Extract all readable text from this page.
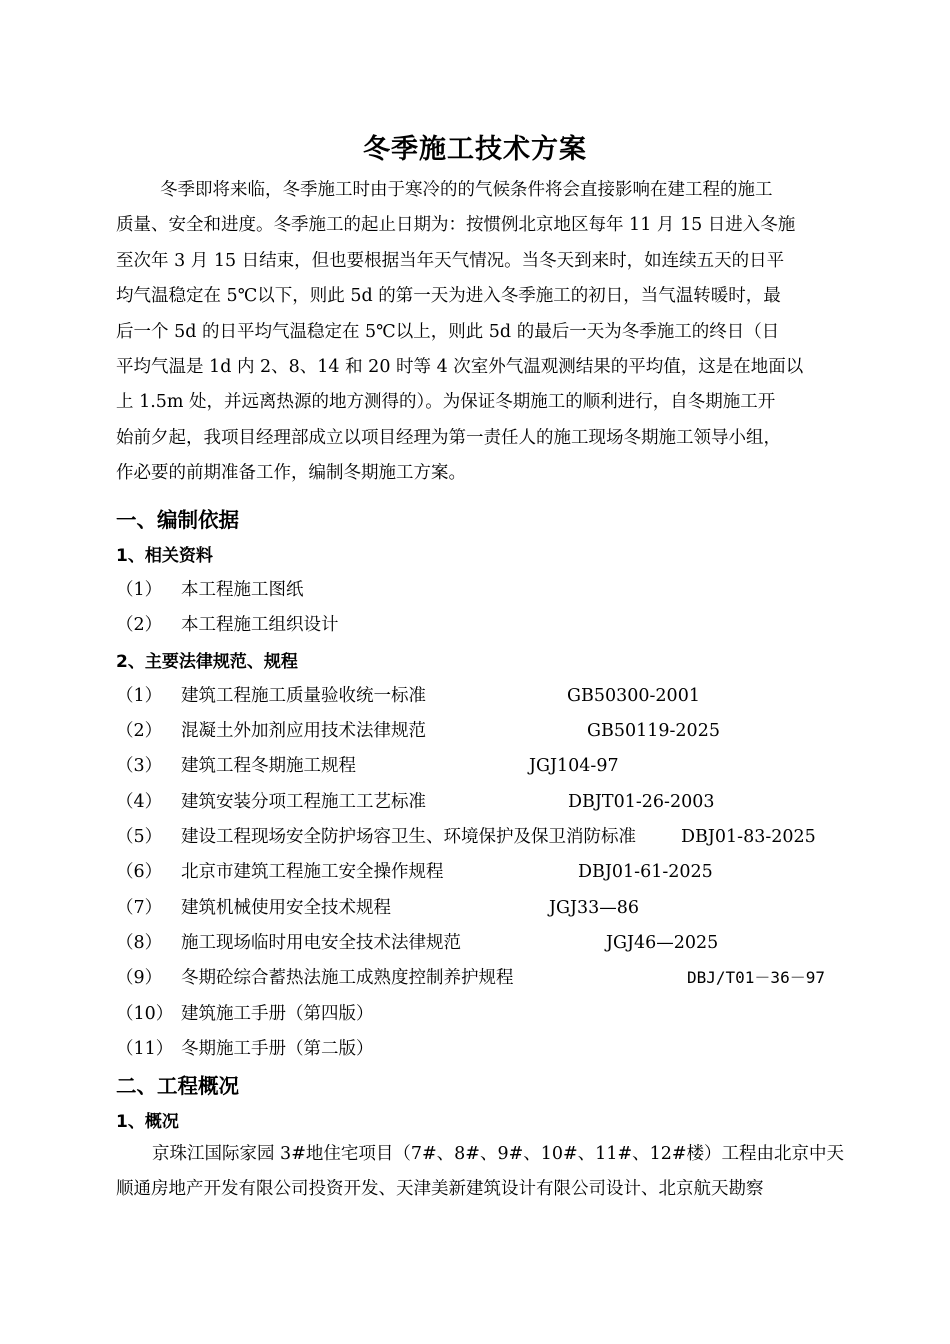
冬季施工技术方案
冬季即将来临，冬季施工时由于寒冷的的气候条件将会直接影响在建工程的施工
质量、安全和进度。冬季施工的起止日期为：按惯例北京地区每年 11 月 15 日进入冬施
至次年 3 月 15 日结束，但也要根据当年天气情况。当冬天到来时，如连续五天的日平
均气温稳定在 5℃以下，则此 5d 的第一天为进入冬季施工的初日，当气温转暖时，最
后一个 5d 的日平均气温稳定在 5℃以上，则此 5d 的最后一天为冬季施工的终日（日
平均气温是 1d 内 2、8、14 和 20 时等 4 次室外气温观测结果的平均值，这是在地面以
上 1.5m 处，并远离热源的地方测得的）。为保证冬期施工的顺利进行，自冬期施工开
始前夕起，我项目经理部成立以项目经理为第一责任人的施工现场冬期施工领导小组，
作必要的前期准备工作，编制冬期施工方案。
一、编制依据
1、相关资料
（1） 本工程施工图纸
（2） 本工程施工组织设计
2、主要法律规范、规程
（1） 建筑工程施工质量验收统一标准	GB50300-2001
（2） 混凝土外加剂应用技术法律规范	GB50119-2025
（3） 建筑工程冬期施工规程	JGJ104-97
（4） 建筑安装分项工程施工工艺标准	DBJT01-26-2003
（5） 建设工程现场安全防护场容卫生、环境保护及保卫消防标准	DBJ01-83-2025
（6） 北京市建筑工程施工安全操作规程	DBJ01-61-2025
（7） 建筑机械使用安全技术规程	JGJ33—86
（8） 施工现场临时用电安全技术法律规范	JGJ46—2025
（9） 冬期砼综合蓄热法施工成熟度控制养护规程	DBJ/T01－36－97
（10） 建筑施工手册（第四版）
（11） 冬期施工手册（第二版）
二、工程概况
1、概况
京珠江国际家园 3#地住宅项目（7#、8#、9#、10#、11#、12#楼）工程由北京中天
顺通房地产开发有限公司投资开发、天津美新建筑设计有限公司设计、北京航天勘察
